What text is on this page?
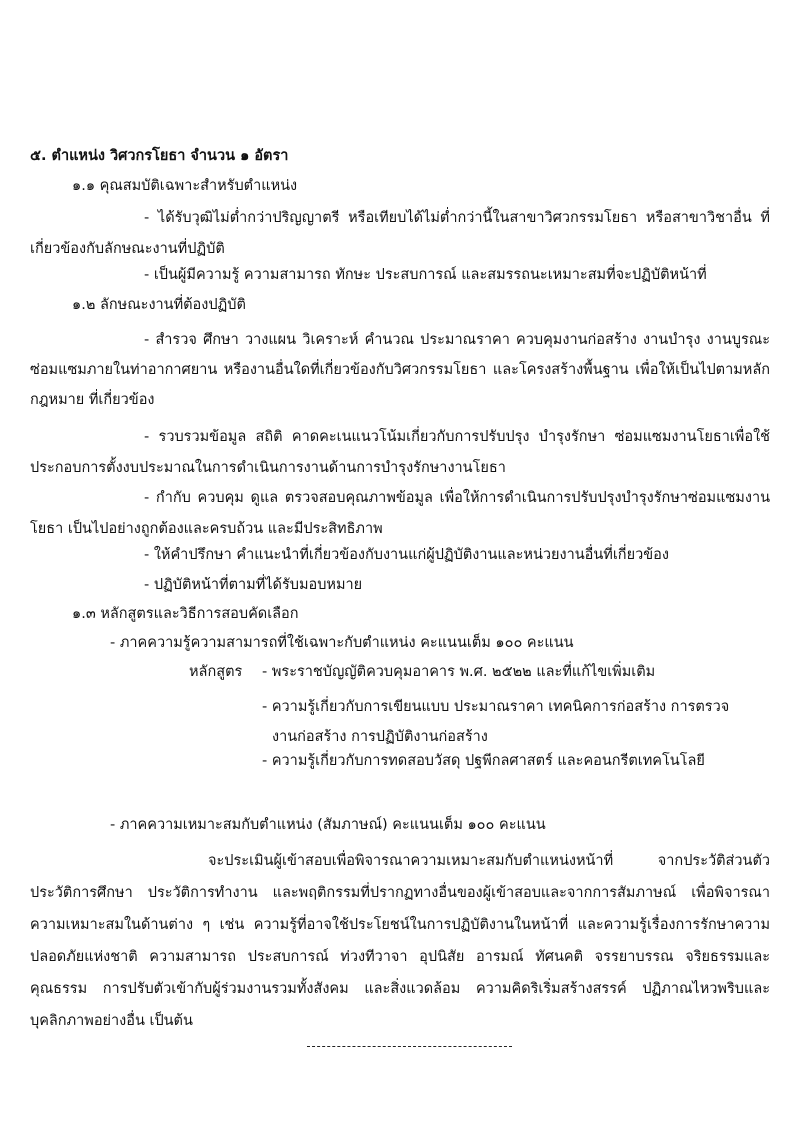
๕. ตำแหน่ง วิศวกรโยธา จำนวน ๑ อัตรา
๑.๑ คุณสมบัติเฉพาะสำหรับตำแหน่ง
- ได้รับวุฒิไม่ต่ำกว่าปริญญาตรี หรือเทียบได้ไม่ต่ำกว่านี้ในสาขาวิศวกรรมโยธา หรือสาขาวิชาอื่น ที่เกี่ยวข้องกับลักษณะงานที่ปฏิบัติ
- เป็นผู้มีความรู้ ความสามารถ ทักษะ ประสบการณ์ และสมรรถนะเหมาะสมที่จะปฏิบัติหน้าที่
๑.๒ ลักษณะงานที่ต้องปฏิบัติ
- สำรวจ ศึกษา วางแผน วิเคราะห์ คำนวณ ประมาณราคา ควบคุมงานก่อสร้าง งานบำรุง งานบูรณะซ่อมแซมภายในท่าอากาศยาน หรืองานอื่นใดที่เกี่ยวข้องกับวิศวกรรมโยธา และโครงสร้างพื้นฐาน เพื่อให้เป็นไปตามหลักกฎหมาย ที่เกี่ยวข้อง
- รวบรวมข้อมูล สถิติ คาดคะเนแนวโน้มเกี่ยวกับการปรับปรุง บำรุงรักษา ซ่อมแซมงานโยธาเพื่อใช้ประกอบการตั้งงบประมาณในการดำเนินการงานด้านการบำรุงรักษางานโยธา
- กำกับ ควบคุม ดูแล ตรวจสอบคุณภาพข้อมูล เพื่อให้การดำเนินการปรับปรุงบำรุงรักษาซ่อมแซมงานโยธา เป็นไปอย่างถูกต้องและครบถ้วน และมีประสิทธิภาพ
- ให้คำปรึกษา คำแนะนำที่เกี่ยวข้องกับงานแก่ผู้ปฏิบัติงานและหน่วยงานอื่นที่เกี่ยวข้อง
- ปฏิบัติหน้าที่ตามที่ได้รับมอบหมาย
๑.๓ หลักสูตรและวิธีการสอบคัดเลือก
- ภาคความรู้ความสามารถที่ใช้เฉพาะกับตำแหน่ง คะแนนเต็ม ๑๐๐ คะแนน
หลักสูตร - พระราชบัญญัติควบคุมอาคาร พ.ศ. ๒๕๒๒ และที่แก้ไขเพิ่มเติม
- ความรู้เกี่ยวกับการเขียนแบบ ประมาณราคา เทคนิคการก่อสร้าง การตรวจงานก่อสร้าง การปฏิบัติงานก่อสร้าง
- ความรู้เกี่ยวกับการทดสอบวัสดุ ปฐพีกลศาสตร์ และคอนกรีตเทคโนโลยี
- ภาคความเหมาะสมกับตำแหน่ง (สัมภาษณ์) คะแนนเต็ม ๑๐๐ คะแนน
จะประเมินผู้เข้าสอบเพื่อพิจารณาความเหมาะสมกับตำแหน่งหน้าที่ จากประวัติส่วนตัว ประวัติการศึกษา ประวัติการทำงาน และพฤติกรรมที่ปรากฏทางอื่นของผู้เข้าสอบและจากการสัมภาษณ์ เพื่อพิจารณาความเหมาะสมในด้านต่าง ๆ เช่น ความรู้ที่อาจใช้ประโยชน์ในการปฏิบัติงานในหน้าที่ และความรู้เรื่องการรักษาความปลอดภัยแห่งชาติ ความสามารถ ประสบการณ์ ท่วงทีวาจา อุปนิสัย อารมณ์ ทัศนคติ จรรยาบรรณ จริยธรรมและคุณธรรม การปรับตัวเข้ากับผู้ร่วมงานรวมทั้งสังคม และสิ่งแวดล้อม ความคิดริเริ่มสร้างสรรค์ ปฏิภาณไหวพริบและบุคลิกภาพอย่างอื่น เป็นต้น
